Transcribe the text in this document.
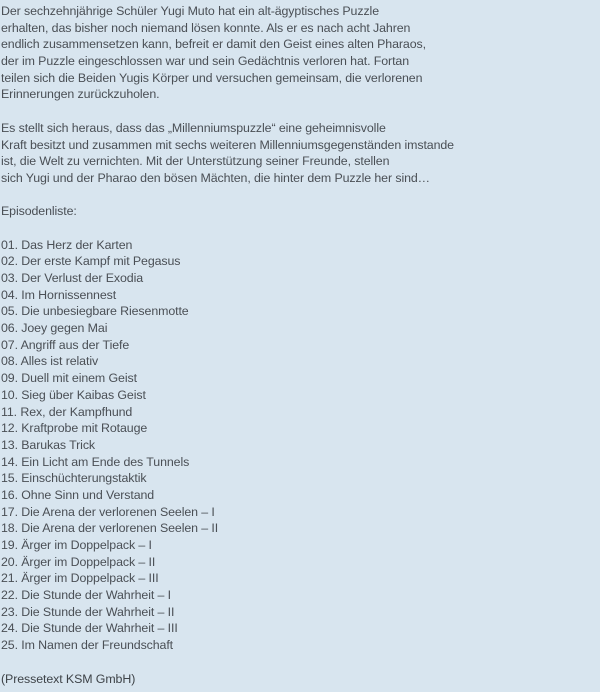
Der sechzehnjährige Schüler Yugi Muto hat ein alt-ägyptisches Puzzle
erhalten, das bisher noch niemand lösen konnte. Als er es nach acht Jahren
endlich zusammensetzen kann, befreit er damit den Geist eines alten Pharaos,
der im Puzzle eingeschlossen war und sein Gedächtnis verloren hat. Fortan
teilen sich die Beiden Yugis Körper und versuchen gemeinsam, die verlorenen
Erinnerungen zurückzuholen.
Es stellt sich heraus, dass das „Millenniumspuzzle“ eine geheimnisvolle
Kraft besitzt und zusammen mit sechs weiteren Millenniumsgegenständen imstande
ist, die Welt zu vernichten. Mit der Unterstützung seiner Freunde, stellen
sich Yugi und der Pharao den bösen Mächten, die hinter dem Puzzle her sind…
Episodenliste:
01. Das Herz der Karten
02. Der erste Kampf mit Pegasus
03. Der Verlust der Exodia
04. Im Hornissennest
05. Die unbesiegbare Riesenmotte
06. Joey gegen Mai
07. Angriff aus der Tiefe
08. Alles ist relativ
09. Duell mit einem Geist
10. Sieg über Kaibas Geist
11. Rex, der Kampfhund
12. Kraftprobe mit Rotauge
13. Barukas Trick
14. Ein Licht am Ende des Tunnels
15. Einschüchterungstaktik
16. Ohne Sinn und Verstand
17. Die Arena der verlorenen Seelen – I
18. Die Arena der verlorenen Seelen – II
19. Ärger im Doppelpack – I
20. Ärger im Doppelpack – II
21. Ärger im Doppelpack – III
22. Die Stunde der Wahrheit – I
23. Die Stunde der Wahrheit – II
24. Die Stunde der Wahrheit – III
25. Im Namen der Freundschaft
(Pressetext KSM GmbH)
